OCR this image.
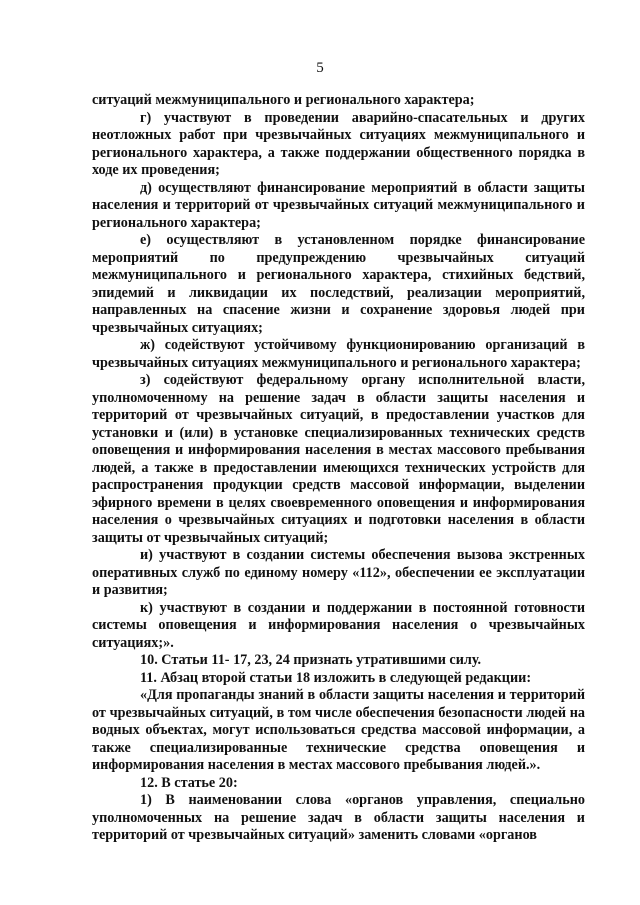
5

ситуаций межмуниципального и регионального характера;

г) участвуют в проведении аварийно-спасательных и других неотложных работ при чрезвычайных ситуациях межмуниципального и регионального характера, а также поддержании общественного порядка в ходе их проведения;

д) осуществляют финансирование мероприятий в области защиты населения и территорий от чрезвычайных ситуаций межмуниципального и регионального характера;

е) осуществляют в установленном порядке финансирование мероприятий по предупреждению чрезвычайных ситуаций межмуниципального и регионального характера, стихийных бедствий, эпидемий и ликвидации их последствий, реализации мероприятий, направленных на спасение жизни и сохранение здоровья людей при чрезвычайных ситуациях;

ж) содействуют устойчивому функционированию организаций в чрезвычайных ситуациях межмуниципального и регионального характера;

з) содействуют федеральному органу исполнительной власти, уполномоченному на решение задач в области защиты населения и территорий от чрезвычайных ситуаций, в предоставлении участков для установки и (или) в установке специализированных технических средств оповещения и информирования населения в местах массового пребывания людей, а также в предоставлении имеющихся технических устройств для распространения продукции средств массовой информации, выделении эфирного времени в целях своевременного оповещения и информирования населения о чрезвычайных ситуациях и подготовки населения в области защиты от чрезвычайных ситуаций;

и) участвуют в создании системы обеспечения вызова экстренных оперативных служб по единому номеру «112», обеспечении ее эксплуатации и развития;

к) участвуют в создании и поддержании в постоянной готовности системы оповещения и информирования населения о чрезвычайных ситуациях;».

10. Статьи 11- 17, 23, 24 признать утратившими силу.

11. Абзац второй статьи 18 изложить в следующей редакции:

«Для пропаганды знаний в области защиты населения и территорий от чрезвычайных ситуаций, в том числе обеспечения безопасности людей на водных объектах, могут использоваться средства массовой информации, а также специализированные технические средства оповещения и информирования населения в местах массового пребывания людей.».

12. В статье 20:

1) В наименовании слова «органов управления, специально уполномоченных на решение задач в области защиты населения и территорий от чрезвычайных ситуаций» заменить словами «органов
